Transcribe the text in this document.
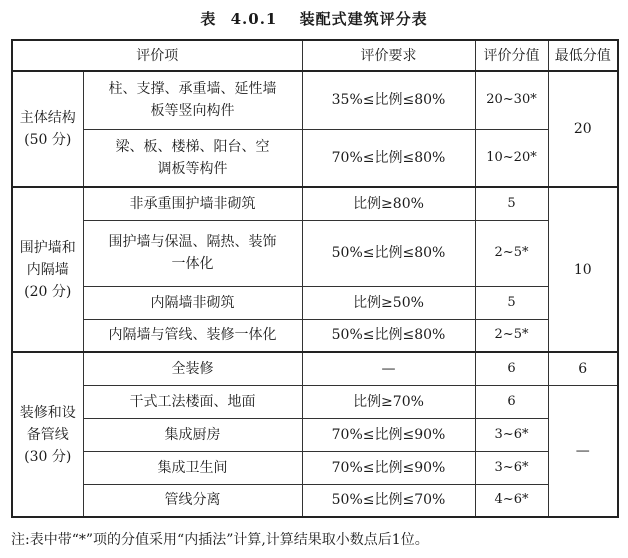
表 4.0.1 装配式建筑评分表
评价项		评价要求	评价分值	最低分值

主体结构
(50 分)	柱、支撑、承重墙、延性墙板等竖向构件	35%≤比例≤80%	20~30*	20

	梁、板、楼梯、阳台、空调板等构件	70%≤比例≤80%	10~20*	

围护墙和内隔墙
(20 分)	非承重围护墙非砌筑	比例≥80%	5	10

	围护墙与保温、隔热、装饰一体化	50%≤比例≤80%	2~5*	
	内隔墙非砌筑	比例≥50%	5	
	内隔墙与管线、装修一体化	50%≤比例≤80%	2~5*	

装修和设备管线
(30 分)	全装修	—	6	6
	干式工法楼面、地面	比例≥70%	6	—
	集成厨房	70%≤比例≤90%	3~6*	
	集成卫生间	70%≤比例≤90%	3~6*	
	管线分离	50%≤比例≤70%	4~6*	
注:表中带“*”项的分值采用“内插法”计算,计算结果取小数点后1位。
